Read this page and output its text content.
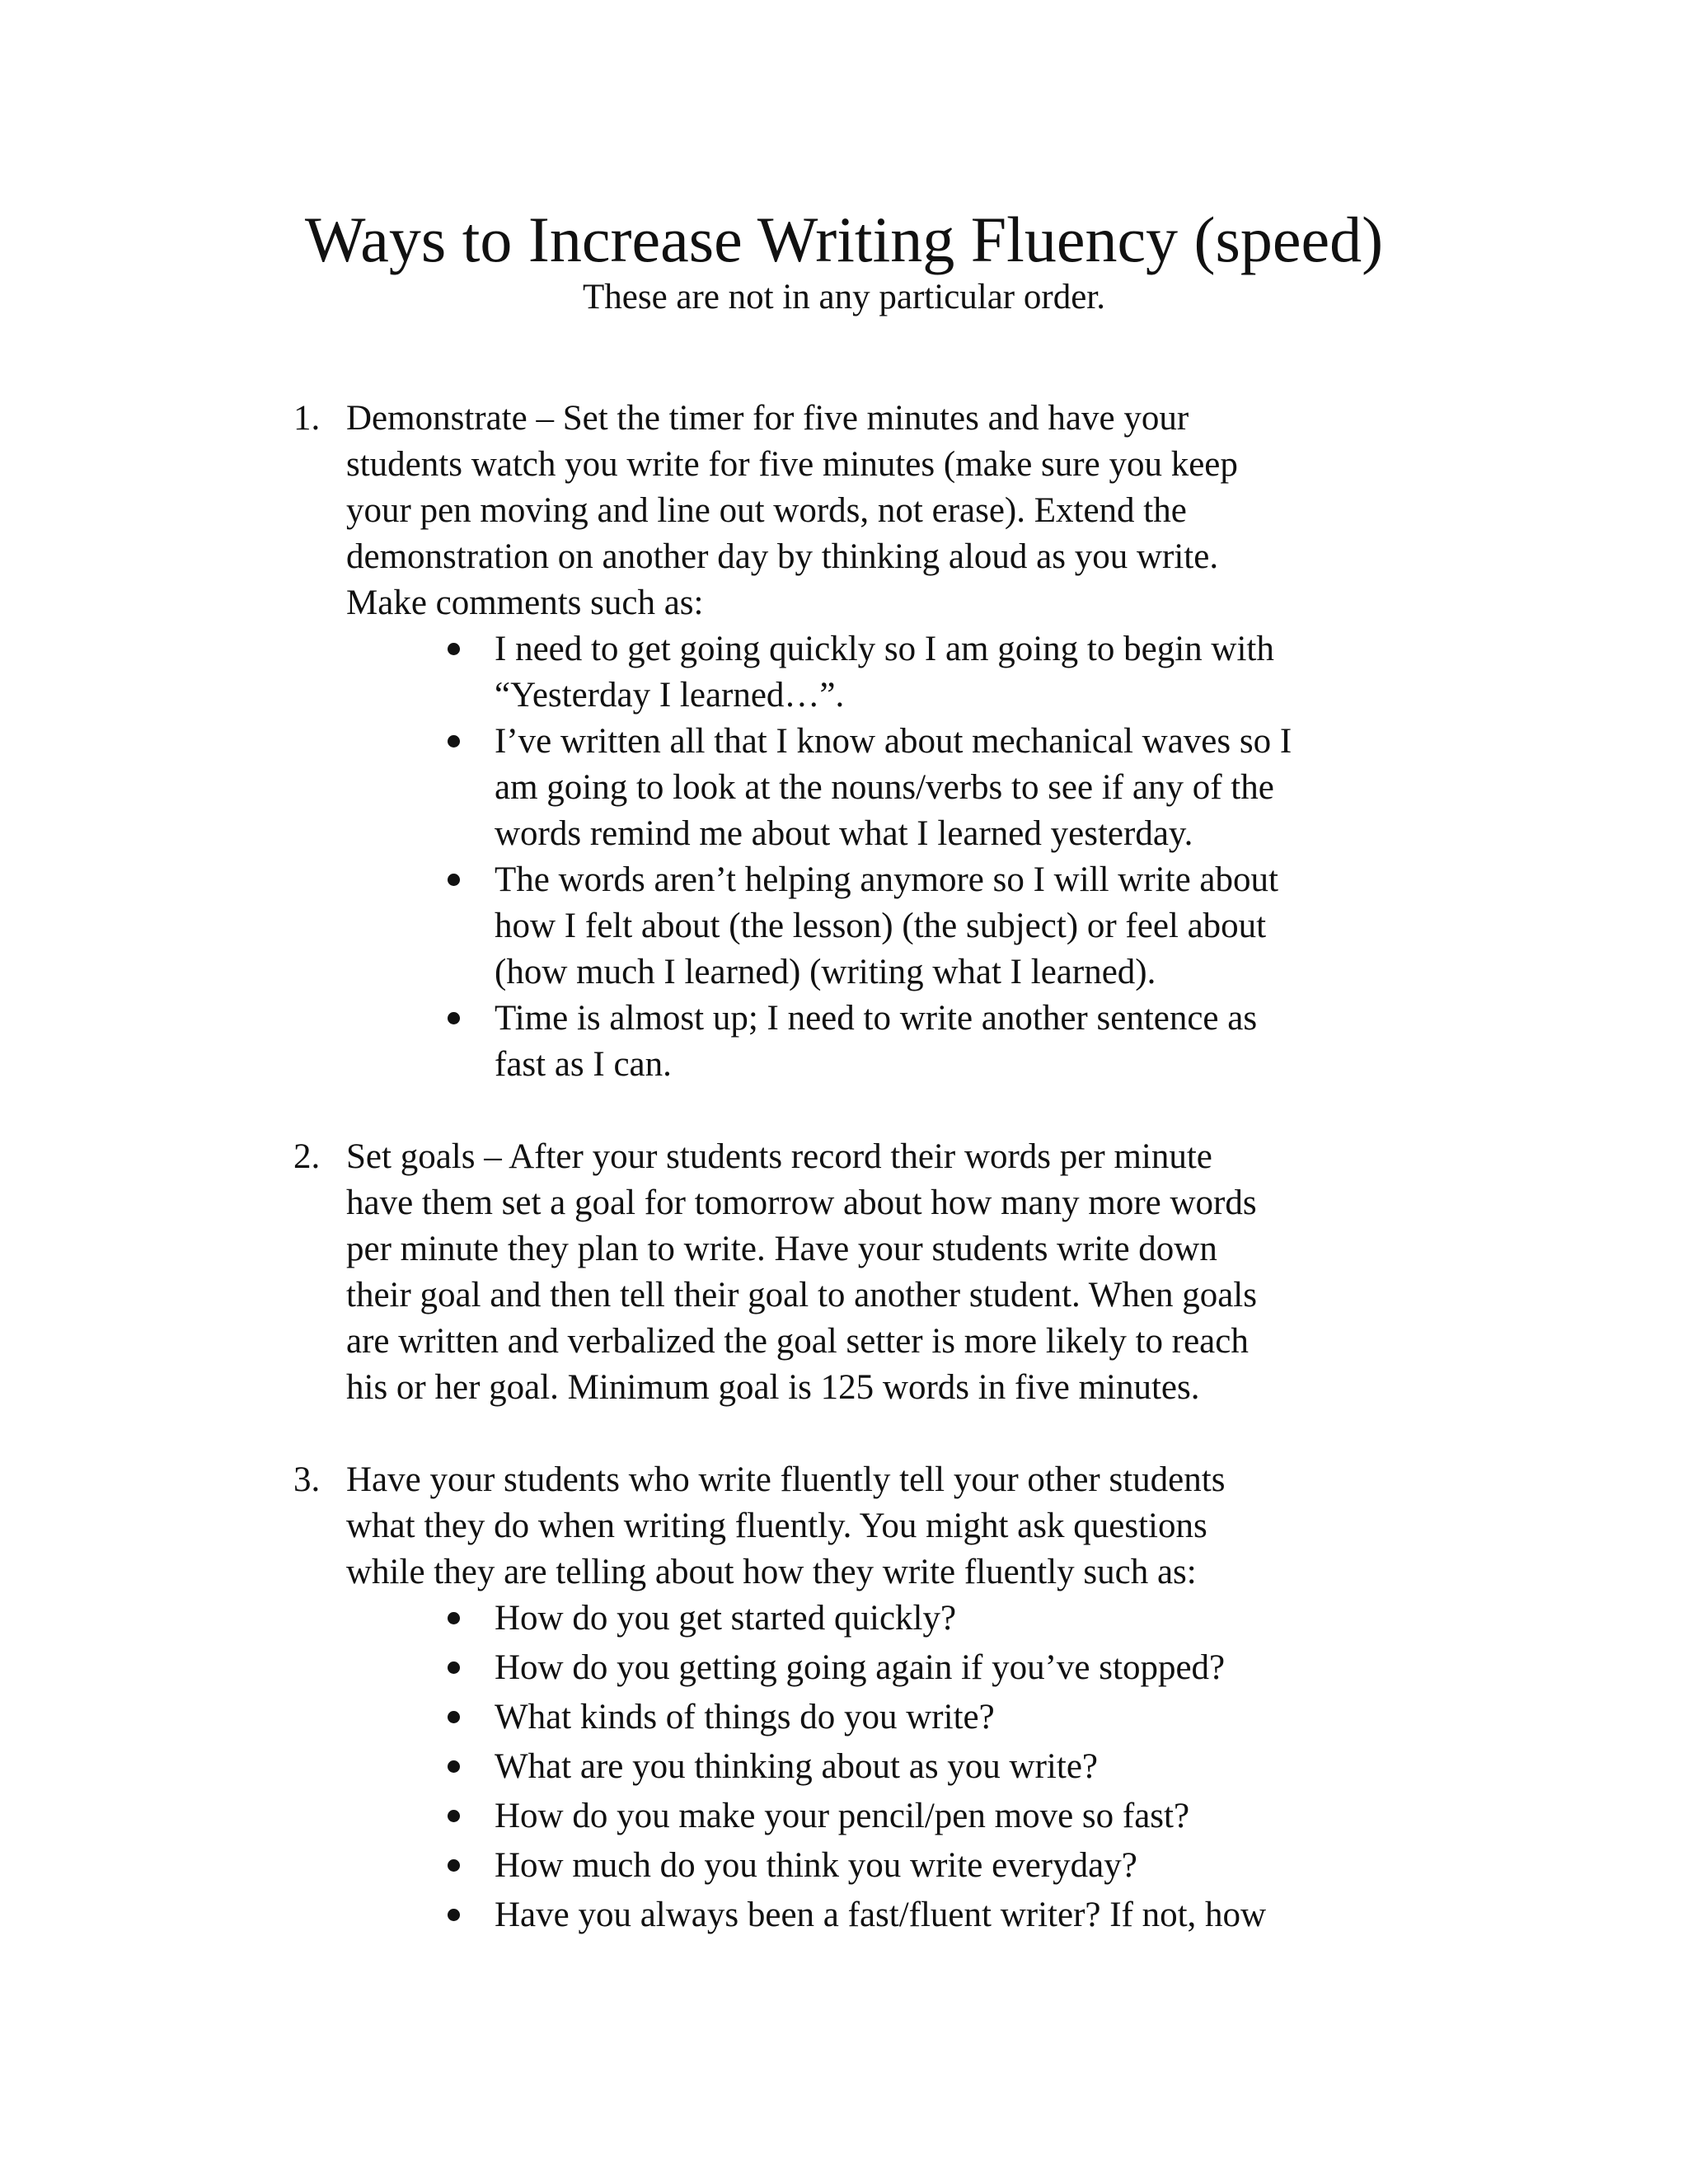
Ways to Increase Writing Fluency (speed)
These are not in any particular order.
1. Demonstrate – Set the timer for five minutes and have your
students watch you write for five minutes (make sure you keep
your pen moving and line out words, not erase). Extend the
demonstration on another day by thinking aloud as you write.
Make comments such as:
I need to get going quickly so I am going to begin with
“Yesterday I learned…”.
I’ve written all that I know about mechanical waves so I
am going to look at the nouns/verbs to see if any of the
words remind me about what I learned yesterday.
The words aren’t helping anymore so I will write about
how I felt about (the lesson) (the subject) or feel about
(how much I learned) (writing what I learned).
Time is almost up; I need to write another sentence as
fast as I can.
2. Set goals – After your students record their words per minute
have them set a goal for tomorrow about how many more words
per minute they plan to write. Have your students write down
their goal and then tell their goal to another student. When goals
are written and verbalized the goal setter is more likely to reach
his or her goal. Minimum goal is 125 words in five minutes.
3. Have your students who write fluently tell your other students
what they do when writing fluently. You might ask questions
while they are telling about how they write fluently such as:
How do you get started quickly?
How do you getting going again if you’ve stopped?
What kinds of things do you write?
What are you thinking about as you write?
How do you make your pencil/pen move so fast?
How much do you think you write everyday?
Have you always been a fast/fluent writer? If not, how
